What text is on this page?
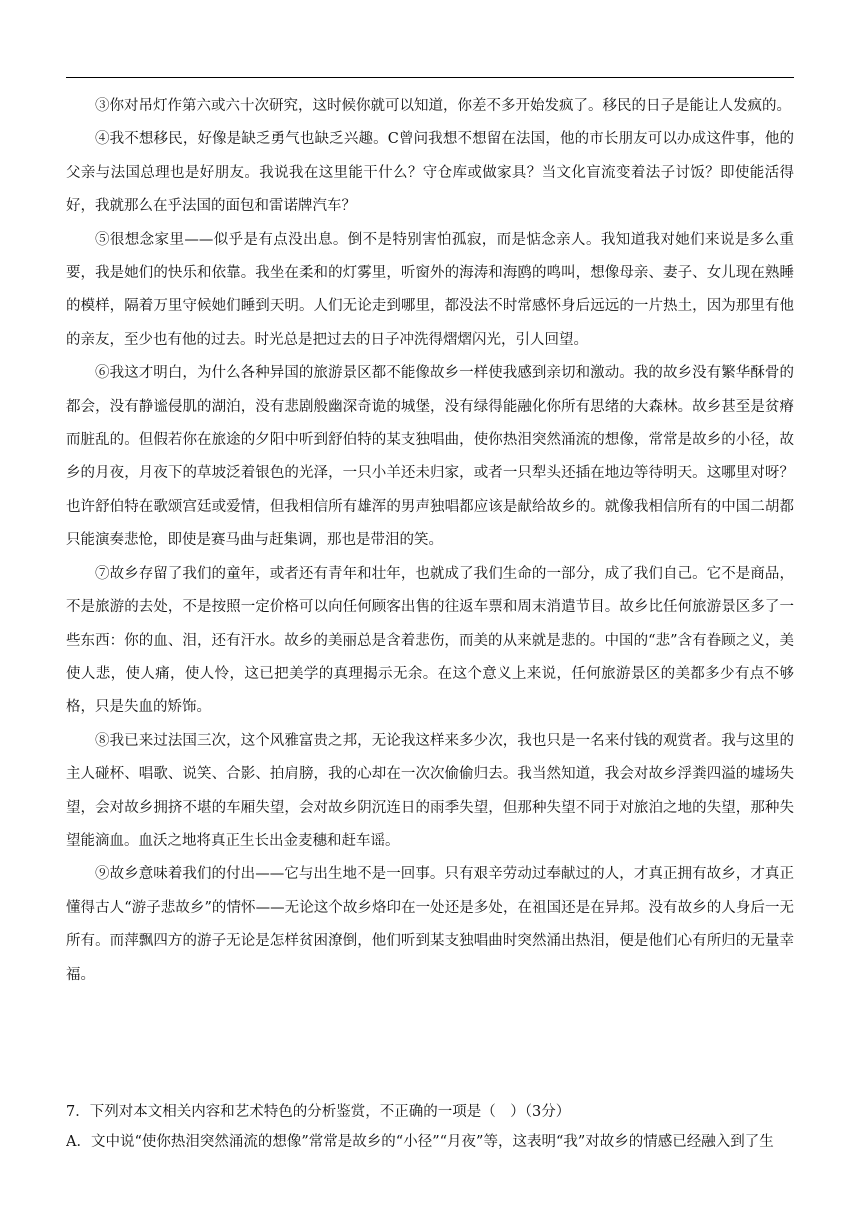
③你对吊灯作第六或六十次研究，这时候你就可以知道，你差不多开始发疯了。移民的日子是能让人发疯的。

④我不想移民，好像是缺乏勇气也缺乏兴趣。C曾问我想不想留在法国，他的市长朋友可以办成这件事，他的父亲与法国总理也是好朋友。我说我在这里能干什么？守仓库或做家具？当文化盲流变着法子讨饭？即使能活得好，我就那么在乎法国的面包和雷诺牌汽车？

⑤很想念家里——似乎是有点没出息。倒不是特别害怕孤寂，而是惦念亲人。我知道我对她们来说是多么重要，我是她们的快乐和依靠。我坐在柔和的灯雾里，听窗外的海涛和海鸥的鸣叫，想像母亲、妻子、女儿现在熟睡的模样，隔着万里守候她们睡到天明。人们无论走到哪里，都没法不时常感怀身后远远的一片热土，因为那里有他的亲友，至少也有他的过去。时光总是把过去的日子冲洗得熠熠闪光，引人回望。

⑥我这才明白，为什么各种异国的旅游景区都不能像故乡一样使我感到亲切和激动。我的故乡没有繁华酥骨的都会，没有静谧侵肌的湖泊，没有悲剧般幽深奇诡的城堡，没有绿得能融化你所有思绪的大森林。故乡甚至是贫瘠而脏乱的。但假若你在旅途的夕阳中听到舒伯特的某支独唱曲，使你热泪突然涌流的想像，常常是故乡的小径，故乡的月夜，月夜下的草坡泛着银色的光泽，一只小羊还未归家，或者一只犁头还插在地边等待明天。这哪里对呀？也许舒伯特在歌颂宫廷或爱情，但我相信所有雄浑的男声独唱都应该是献给故乡的。就像我相信所有的中国二胡都只能演奏悲怆，即使是赛马曲与赶集调，那也是带泪的笑。

⑦故乡存留了我们的童年，或者还有青年和壮年，也就成了我们生命的一部分，成了我们自己。它不是商品，不是旅游的去处，不是按照一定价格可以向任何顾客出售的往返车票和周末消遣节目。故乡比任何旅游景区多了一些东西：你的血、泪，还有汗水。故乡的美丽总是含着悲伤，而美的从来就是悲的。中国的“悲”含有眷顾之义，美使人悲，使人痛，使人怜，这已把美学的真理揭示无余。在这个意义上来说，任何旅游景区的美都多少有点不够格，只是失血的矫饰。

⑧我已来过法国三次，这个风雅富贵之邦，无论我这样来多少次，我也只是一名来付钱的观赏者。我与这里的主人碰杯、唱歌、说笑、合影、拍肩膀，我的心却在一次次偷偷归去。我当然知道，我会对故乡浮粪四溢的墟场失望，会对故乡拥挤不堪的车厢失望，会对故乡阴沉连日的雨季失望，但那种失望不同于对旅泊之地的失望，那种失望能滴血。血沃之地将真正生长出金麦穗和赶车谣。

⑨故乡意味着我们的付出——它与出生地不是一回事。只有艰辛劳动过奉献过的人，才真正拥有故乡，才真正懂得古人“游子悲故乡”的情怀——无论这个故乡烙印在一处还是多处，在祖国还是在异邦。没有故乡的人身后一无所有。而萍飘四方的游子无论是怎样贫困潦倒，他们听到某支独唱曲时突然涌出热泪，便是他们心有所归的无量幸福。

7．下列对本文相关内容和艺术特色的分析鉴赏，不正确的一项是（　）（3分）

A．文中说“使你热泪突然涌流的想像”常常是故乡的“小径”“月夜”等，这表明“我”对故乡的情感已经融入到了生
